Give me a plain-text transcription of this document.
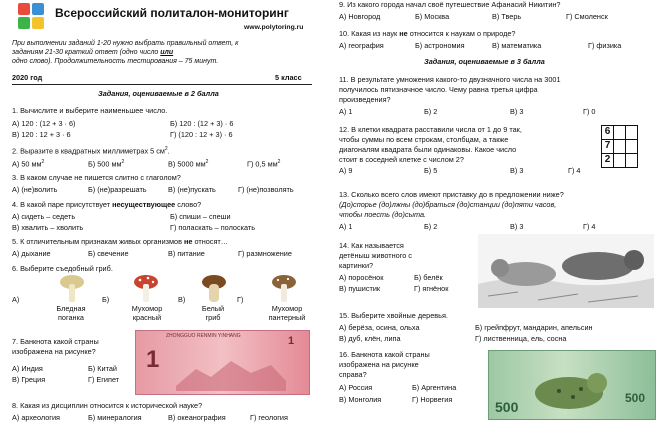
Всероссийский политалон-мониторинг
www.polytoring.ru
При выполнении заданий 1-20 нужно выбрать правильный ответ, к
заданиям 21-30 краткий ответ (одно число или
одно слово). Продолжительность тестирования – 75 минут.
2020 год	5 класс
Задания, оцениваемые в 2 балла
1. Вычислите и выберите наименьшее число.
А) 120 : (12 + 3 · 6)	Б) 120 : (12 + 3) · 6
В) 120 : 12 + 3 · 6	Г) (120 : 12 + 3) · 6
2. Выразите в квадратных миллиметрах 5 $см^2$.
А) 50 $мм^2$	Б) 500 $мм^2$	В) 5000 $мм^2$	Г) 0,5 $мм^2$
3. В каком случае не пишется слитно с глаголом?
А) (не)волить	Б) (не)разрешать	В) (не)пускать	Г) (не)позволять
4. В какой паре присутствует несуществующее слово?
А) сидеть – седеть	Б) спиши – спеши
В) хвалить – хволить	Г) поласкать – полоскать
5. К отличительным признакам живых организмов не относят…
А) дыхание	Б) свечение	В) питание	Г) размножение
6. Выберите съедобный гриб.
А)	Б)	В)	Г)
Бледная
поганка
Мухомор
красный
Белый
гриб
Мухомор
пантерный
7. Банкнота какой страны
изображена на рисунке?
А) Индия	Б) Китай
В) Греция	Г) Египет
ZHONGGUO RENMIN YINHANG
1
1
8. Какая из дисциплин относится к исторической науке?
А) археология	Б) минералогия	В) океанография	Г) геология
9. Из какого города начал своё путешествие Афанасий Никитин?
А) Новгород	Б) Москва	В) Тверь	Г) Смоленск
10. Какая из наук не относится к наукам о природе?
А) география	Б) астрономия	В) математика	Г) физика
Задания, оцениваемые в 3 балла
11. В результате умножения какого-то двузначного числа на 3001
получилось пятизначное число. Чему равна третья цифра
произведения?
А) 1	Б) 2	В) 3	Г) 0
12. В клетки квадрата расставили числа от 1 до 9 так,
чтобы суммы по всем строкам, столбцам, а также
диагоналям квадрата были одинаковы. Какое число
стоит в соседней клетке с числом 2?
А) 9	Б) 5	В) 3	Г) 4
6		
7		
2		
13. Сколько всего слов имеют приставку до в предложении ниже?
(До)спорье (до)лжны (до)браться (до)станции (до)пяти часов,
чтобы поесть (до)сыта.
А) 1	Б) 2	В) 3	Г) 4
14. Как называется
детёныш животного с
картинки?
А) поросёнок	Б) белёк
В) пушистик	Г) ягнёнок
15. Выберите хвойные деревья.
А) берёза, осина, ольха	Б) грейпфрут, мандарин, апельсин
В) дуб, клён, липа	Г) лиственница, ель, сосна
16. Банкнота какой страны
изображена на рисунке
справа?
А) Россия	Б) Аргентина
В) Монголия	Г) Норвегия	500
500
